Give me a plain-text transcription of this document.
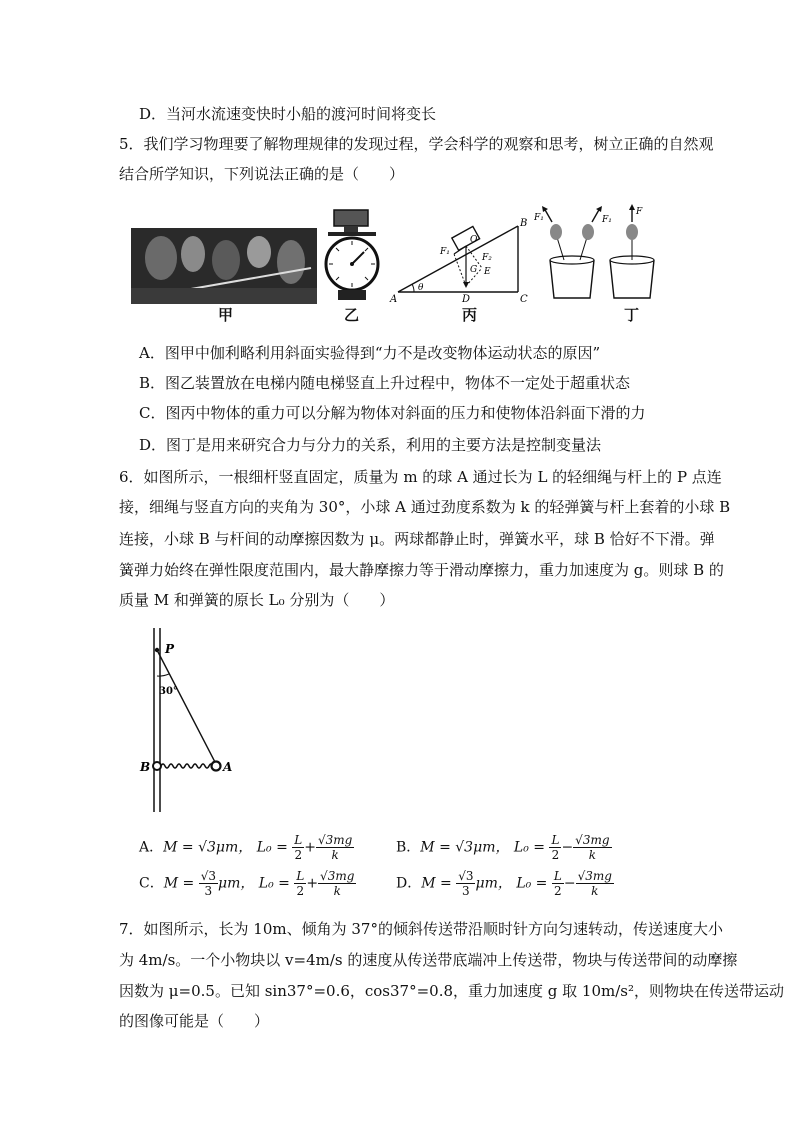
D．当河水流速变快时小船的渡河时间将变长
5．我们学习物理要了解物理规律的发现过程，学会科学的观察和思考，树立正确的自然观
结合所学知识，下列说法正确的是（　　）
甲	乙
A
B
C
D
E
O
F₁
F₂
G
θ
丙
F₁	F₁
F
丁
A．图甲中伽利略利用斜面实验得到“力不是改变物体运动状态的原因”
B．图乙装置放在电梯内随电梯竖直上升过程中，物体不一定处于超重状态
C．图丙中物体的重力可以分解为物体对斜面的压力和使物体沿斜面下滑的力
D．图丁是用来研究合力与分力的关系，利用的主要方法是控制变量法
6．如图所示，一根细杆竖直固定，质量为 m 的球 A 通过长为 L 的轻细绳与杆上的 P 点连
接，细绳与竖直方向的夹角为 30°，小球 A 通过劲度系数为 k 的轻弹簧与杆上套着的小球 B
连接，小球 B 与杆间的动摩擦因数为 μ。两球都静止时，弹簧水平，球 B 恰好不下滑。弹
簧弹力始终在弹性限度范围内，最大静摩擦力等于滑动摩擦力，重力加速度为 g。则球 B 的
质量 M 和弹簧的原长 L₀ 分别为（　　）
P
30°
B	A
A．M = √3μm， $L_0 = \frac{L}{2} + \frac{√3mg}{k}$	B．M = √3μm， $L_0 = \frac{L}{2} - \frac{√3mg}{k}$
C．$M = \frac{√3}{3}$ μm， $L_0 = \frac{L}{2} + \frac{√3mg}{k}$	D．$M = \frac{√3}{3}$ μm， $L_0 = \frac{L}{2} - \frac{√3mg}{k}$
7．如图所示，长为 10m、倾角为 37°的倾斜传送带沿顺时针方向匀速转动，传送速度大小
为 4m/s。一个小物块以 v=4m/s 的速度从传送带底端冲上传送带，物块与传送带间的动摩擦
因数为 μ=0.5。已知 sin37°=0.6，cos37°=0.8，重力加速度 g 取 10m/s²，则物块在传送带运动
的图像可能是（　　）
